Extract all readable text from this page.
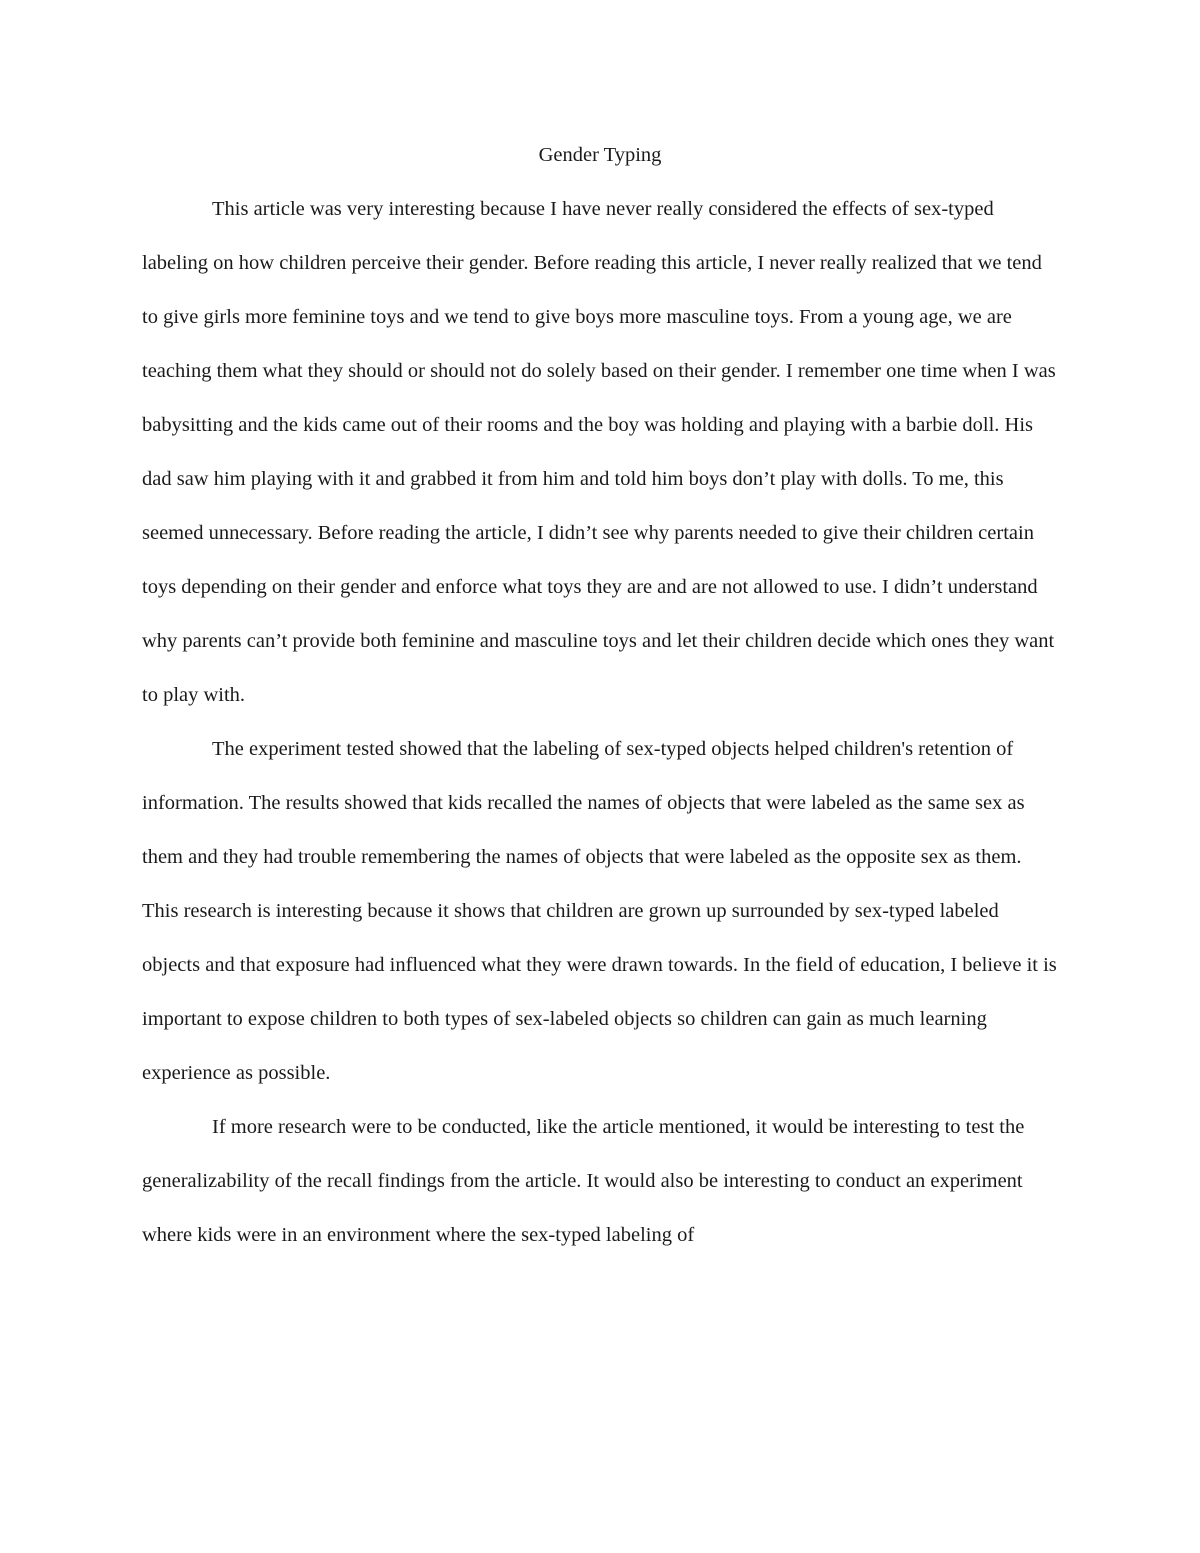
Gender Typing

This article was very interesting because I have never really considered the effects of sex-typed labeling on how children perceive their gender. Before reading this article, I never really realized that we tend to give girls more feminine toys and we tend to give boys more masculine toys. From a young age, we are teaching them what they should or should not do solely based on their gender. I remember one time when I was babysitting and the kids came out of their rooms and the boy was holding and playing with a barbie doll. His dad saw him playing with it and grabbed it from him and told him boys don’t play with dolls. To me, this seemed unnecessary. Before reading the article, I didn’t see why parents needed to give their children certain toys depending on their gender and enforce what toys they are and are not allowed to use. I didn’t understand why parents can’t provide both feminine and masculine toys and let their children decide which ones they want to play with.

The experiment tested showed that the labeling of sex-typed objects helped children's retention of information. The results showed that kids recalled the names of objects that were labeled as the same sex as them and they had trouble remembering the names of objects that were labeled as the opposite sex as them. This research is interesting because it shows that children are grown up surrounded by sex-typed labeled objects and that exposure had influenced what they were drawn towards. In the field of education, I believe it is important to expose children to both types of sex-labeled objects so children can gain as much learning experience as possible.

If more research were to be conducted, like the article mentioned, it would be interesting to test the generalizability of the recall findings from the article. It would also be interesting to conduct an experiment where kids were in an environment where the sex-typed labeling of
